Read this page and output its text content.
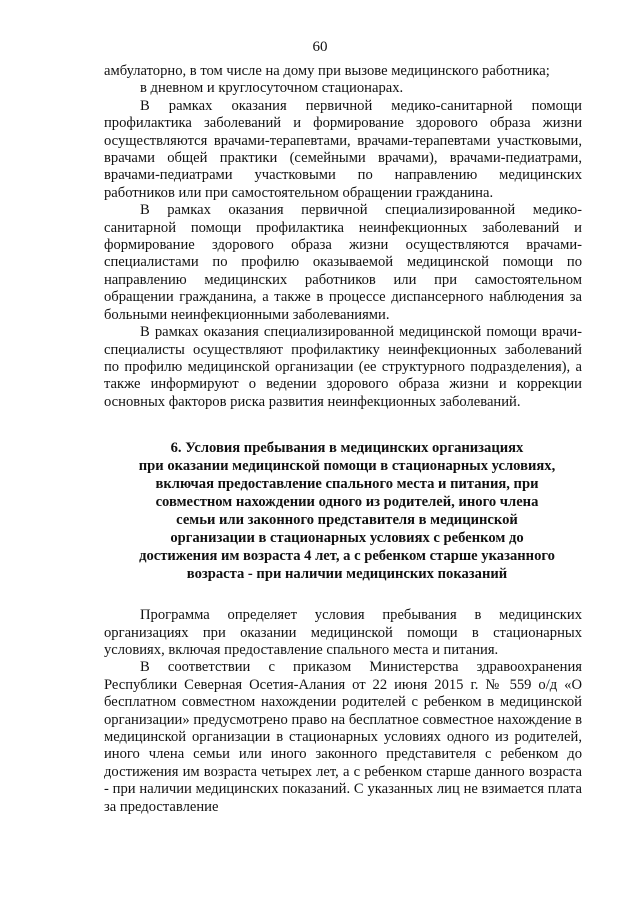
60

амбулаторно, в том числе на дому при вызове медицинского работника;

в дневном и круглосуточном стационарах.

В рамках оказания первичной медико-санитарной помощи профилактика заболеваний и формирование здорового образа жизни осуществляются врачами-терапевтами, врачами-терапевтами участковыми, врачами общей практики (семейными врачами), врачами-педиатрами, врачами-педиатрами участковыми по направлению медицинских работников или при самостоятельном обращении гражданина.

В рамках оказания первичной специализированной медико-санитарной помощи профилактика неинфекционных заболеваний и формирование здорового образа жизни осуществляются врачами-специалистами по профилю оказываемой медицинской помощи по направлению медицинских работников или при самостоятельном обращении гражданина, а также в процессе диспансерного наблюдения за больными неинфекционными заболеваниями.

В рамках оказания специализированной медицинской помощи врачи-специалисты осуществляют профилактику неинфекционных заболеваний по профилю медицинской организации (ее структурного подразделения), а также информируют о ведении здорового образа жизни и коррекции основных факторов риска развития неинфекционных заболеваний.

6. Условия пребывания в медицинских организациях
при оказании медицинской помощи в стационарных условиях,
включая предоставление спального места и питания, при
совместном нахождении одного из родителей, иного члена
семьи или законного представителя в медицинской
организации в стационарных условиях с ребенком до
достижения им возраста 4 лет, а с ребенком старше указанного
возраста - при наличии медицинских показаний

Программа определяет условия пребывания в медицинских организациях при оказании медицинской помощи в стационарных условиях, включая предоставление спального места и питания.

В соответствии с приказом Министерства здравоохранения Республики Северная Осетия-Алания от 22 июня 2015 г. № 559 о/д «О бесплатном совместном нахождении родителей с ребенком в медицинской организации» предусмотрено право на бесплатное совместное нахождение в медицинской организации в стационарных условиях одного из родителей, иного члена семьи или иного законного представителя с ребенком до достижения им возраста четырех лет, а с ребенком старше данного возраста - при наличии медицинских показаний. С указанных лиц не взимается плата за предоставление
